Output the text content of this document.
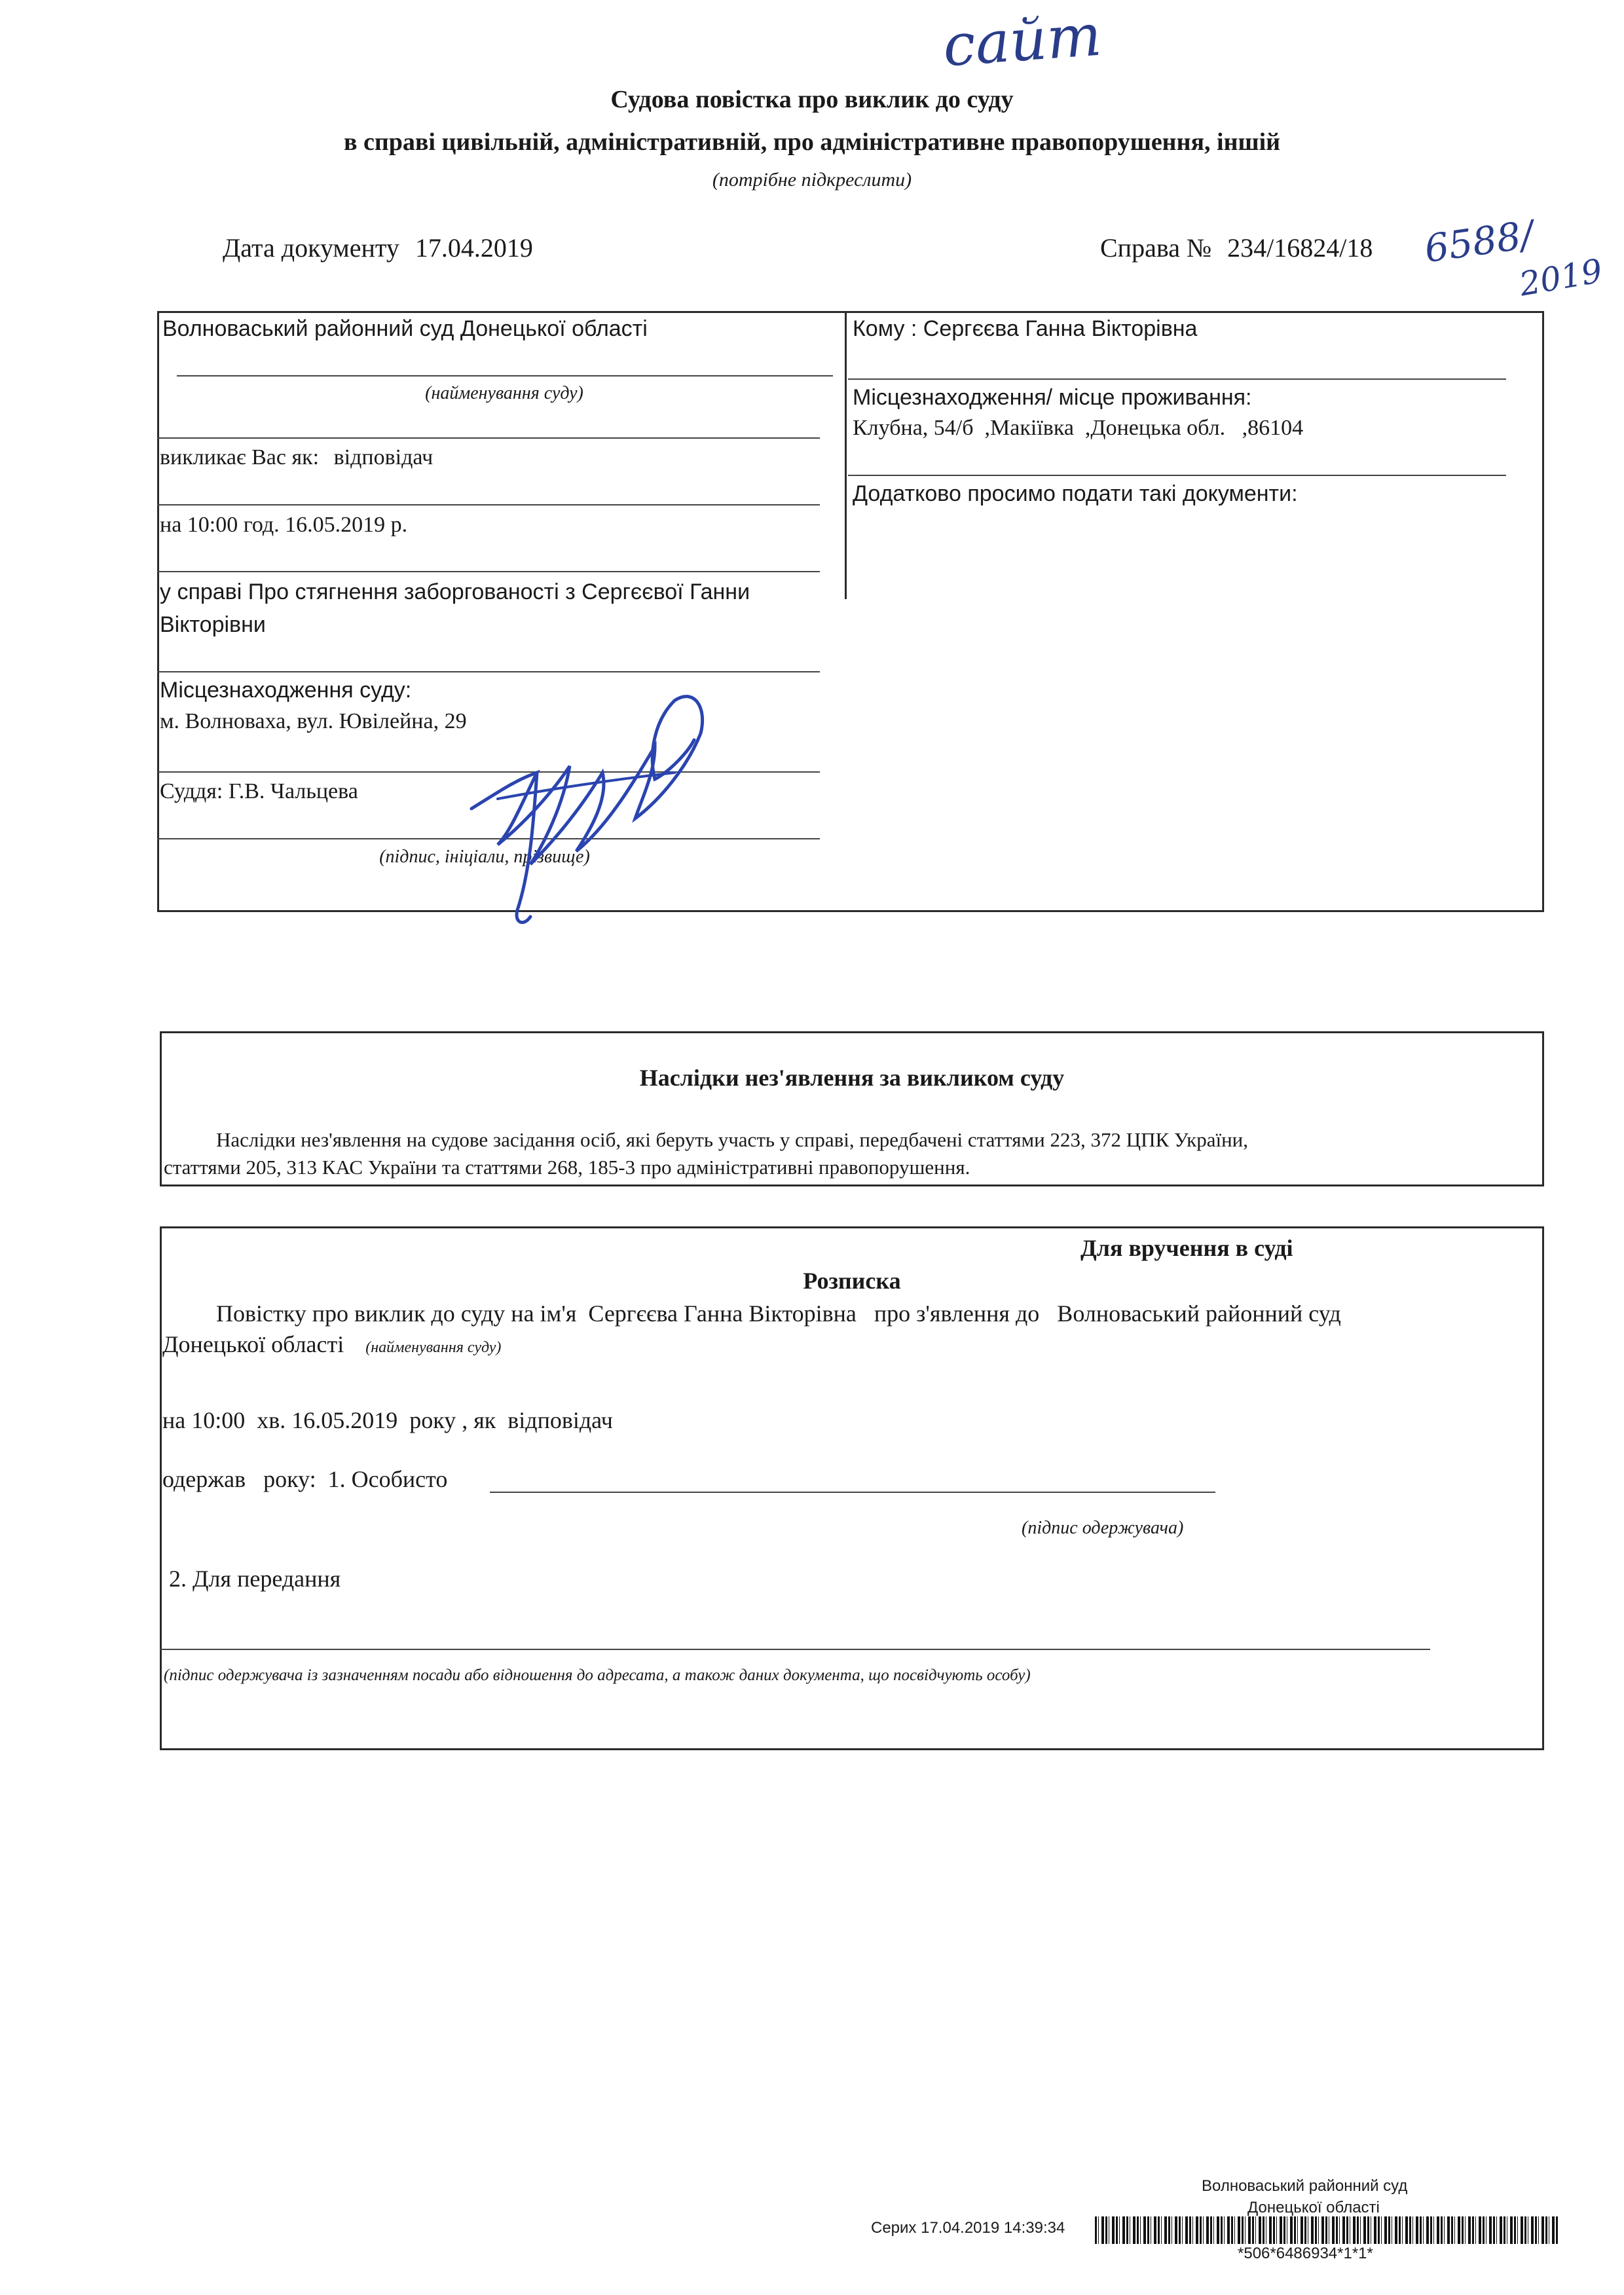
сайт
Судова повістка про виклик до суду
в справі цивільній, адміністративній, про адміністративне правопорушення, іншій
(потрібне підкреслити)
Дата документу 17.04.2019	Справа № 234/16824/18 6588/
2019
Волноваський районний суд Донецької області
(найменування суду)
викликає Вас як: відповідач
на 10:00 год. 16.05.2019 р.
у справі Про стягнення заборгованості з Сергєєвої Ганни
Вікторівни
Місцезнаходження суду:
м. Волноваха, вул. Ювілейна, 29
Суддя: Г.В. Чальцева
(підпис, ініціали, прізвище)
Кому : Сергєєва Ганна Вікторівна
Місцезнаходження/ місце проживання:
Клубна, 54/б  ,Макіївка  ,Донецька обл.   ,86104
Додатково просимо подати такі документи:
Наслідки нез'явлення за викликом суду
Наслідки нез'явлення на судове засідання осіб, які беруть участь у справі, передбачені статтями 223, 372 ЦПК України,
статтями 205, 313 КАС України та статтями 268, 185-3 про адміністративні правопорушення.
Для вручення в суді
Розписка
Повістку про виклик до суду на ім'я  Сергєєва Ганна Вікторівна   про з'явлення до   Волноваський районний суд
Донецької області (найменування суду)
на 10:00  хв. 16.05.2019  року , як  відповідач
одержав   року:  1. Особисто
(підпис одержувача)
2. Для передання
(підпис одержувача із зазначенням посади або відношення до адресата, а також даних документа, що посвідчують особу)
Волноваський районний суд
Донецької області
Серих 17.04.2019 14:39:34
*506*6486934*1*1*
